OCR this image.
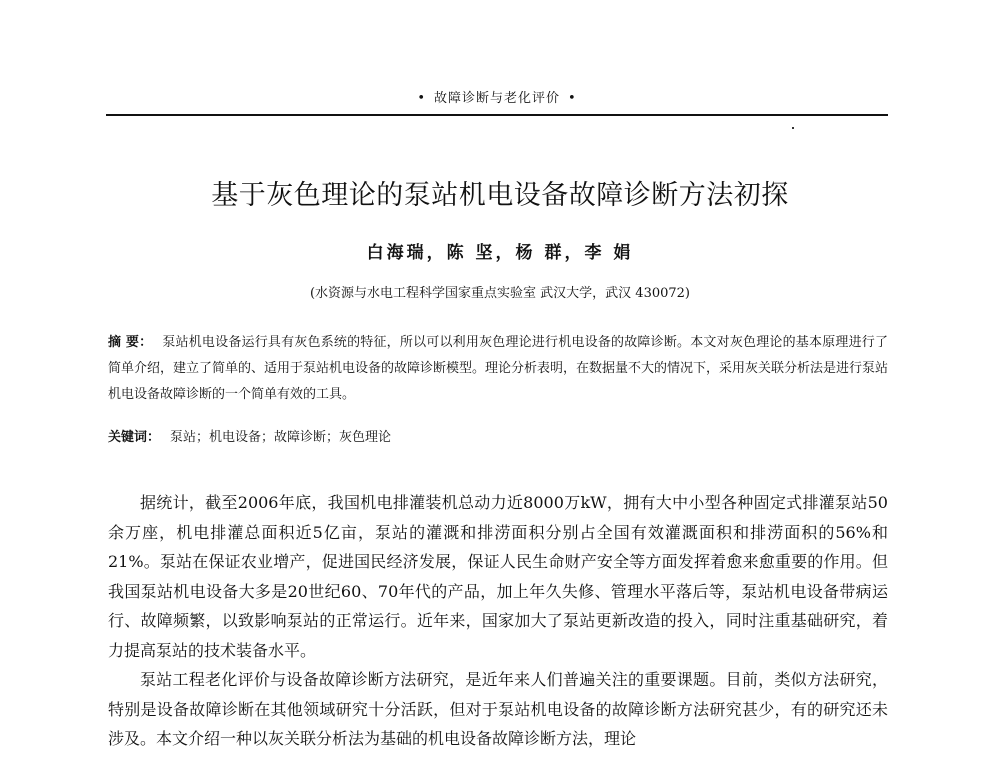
• 故障诊断与老化评价 •
基于灰色理论的泵站机电设备故障诊断方法初探
白海瑞，陈 坚，杨 群，李 娟
(水资源与水电工程科学国家重点实验室 武汉大学，武汉 430072)
摘 要： 泵站机电设备运行具有灰色系统的特征，所以可以利用灰色理论进行机电设备的故障诊断。本文对灰色理论的基本原理进行了简单介绍，建立了简单的、适用于泵站机电设备的故障诊断模型。理论分析表明，在数据量不大的情况下，采用灰关联分析法是进行泵站机电设备故障诊断的一个简单有效的工具。
关键词： 泵站；机电设备；故障诊断；灰色理论

据统计，截至2006年底，我国机电排灌装机总动力近8000万kW，拥有大中小型各种固定式排灌泵站50余万座，机电排灌总面积近5亿亩，泵站的灌溉和排涝面积分别占全国有效灌溉面积和排涝面积的56%和21%。泵站在保证农业增产，促进国民经济发展，保证人民生命财产安全等方面发挥着愈来愈重要的作用。但我国泵站机电设备大多是20世纪60、70年代的产品，加上年久失修、管理水平落后等，泵站机电设备带病运行、故障频繁，以致影响泵站的正常运行。近年来，国家加大了泵站更新改造的投入，同时注重基础研究，着力提高泵站的技术装备水平。

泵站工程老化评价与设备故障诊断方法研究，是近年来人们普遍关注的重要课题。目前，类似方法研究，特别是设备故障诊断在其他领域研究十分活跃，但对于泵站机电设备的故障诊断方法研究甚少，有的研究还未涉及。本文介绍一种以灰关联分析法为基础的机电设备故障诊断方法，理论
